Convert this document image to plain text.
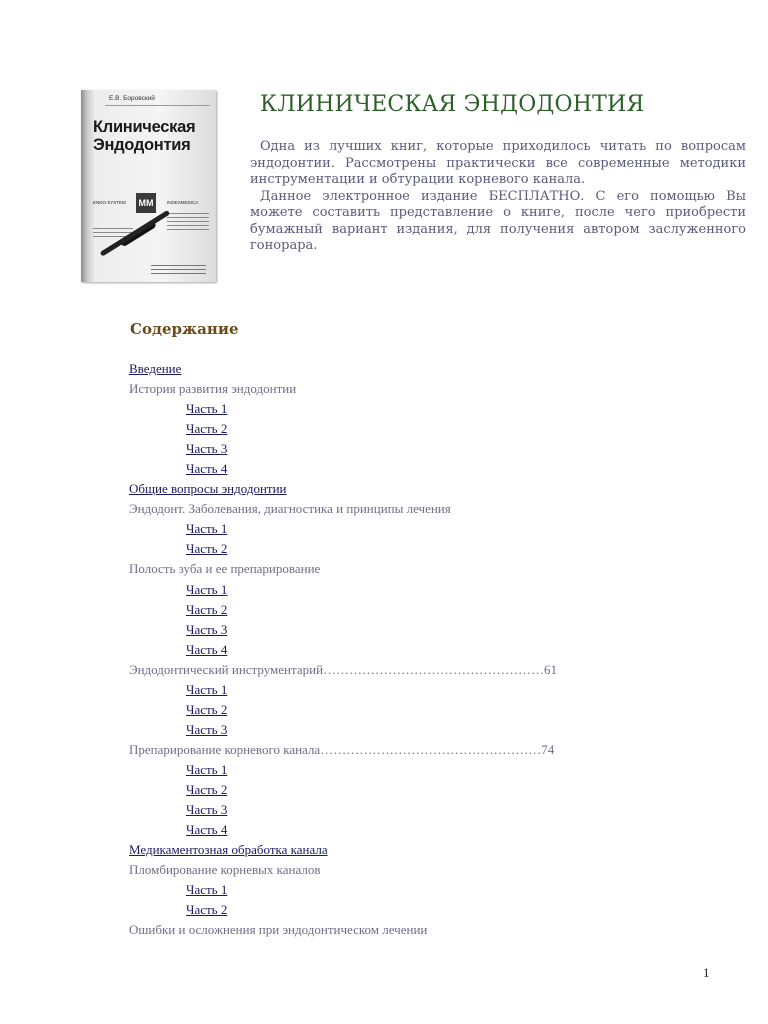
Е.В. Боровский
Клиническая
Эндодонтия
ENDO SYSTEM MM	INDEXMEDICA
КЛИНИЧЕСКАЯ ЭНДОДОНТИЯ

Одна из лучших книг, которые приходилось читать по вопросам эндодонтии. Рассмотрены практически все современные методики инструментации и обтурации корневого канала.

Данное электронное издание БЕСПЛАТНО. С его помощью Вы можете составить представление о книге, после чего приобрести бумажный вариант издания, для получения автором заслуженного гонорара.

Содержание
Введение
История развития эндодонтии
Часть 1
Часть 2
Часть 3
Часть 4
Общие вопросы эндодонтии
Эндодонт. Заболевания, диагностика и принципы лечения
Часть 1
Часть 2
Полость зуба и ее препарирование
Часть 1
Часть 2
Часть 3
Часть 4
Эндодонтический инструментарий……………………………………………61
Часть 1
Часть 2
Часть 3
Препарирование корневого канала……………………………………………74
Часть 1
Часть 2
Часть 3
Часть 4
Медикаментозная обработка канала
Пломбирование корневых каналов
Часть 1
Часть 2
Ошибки и осложнения при эндодонтическом лечении
1
